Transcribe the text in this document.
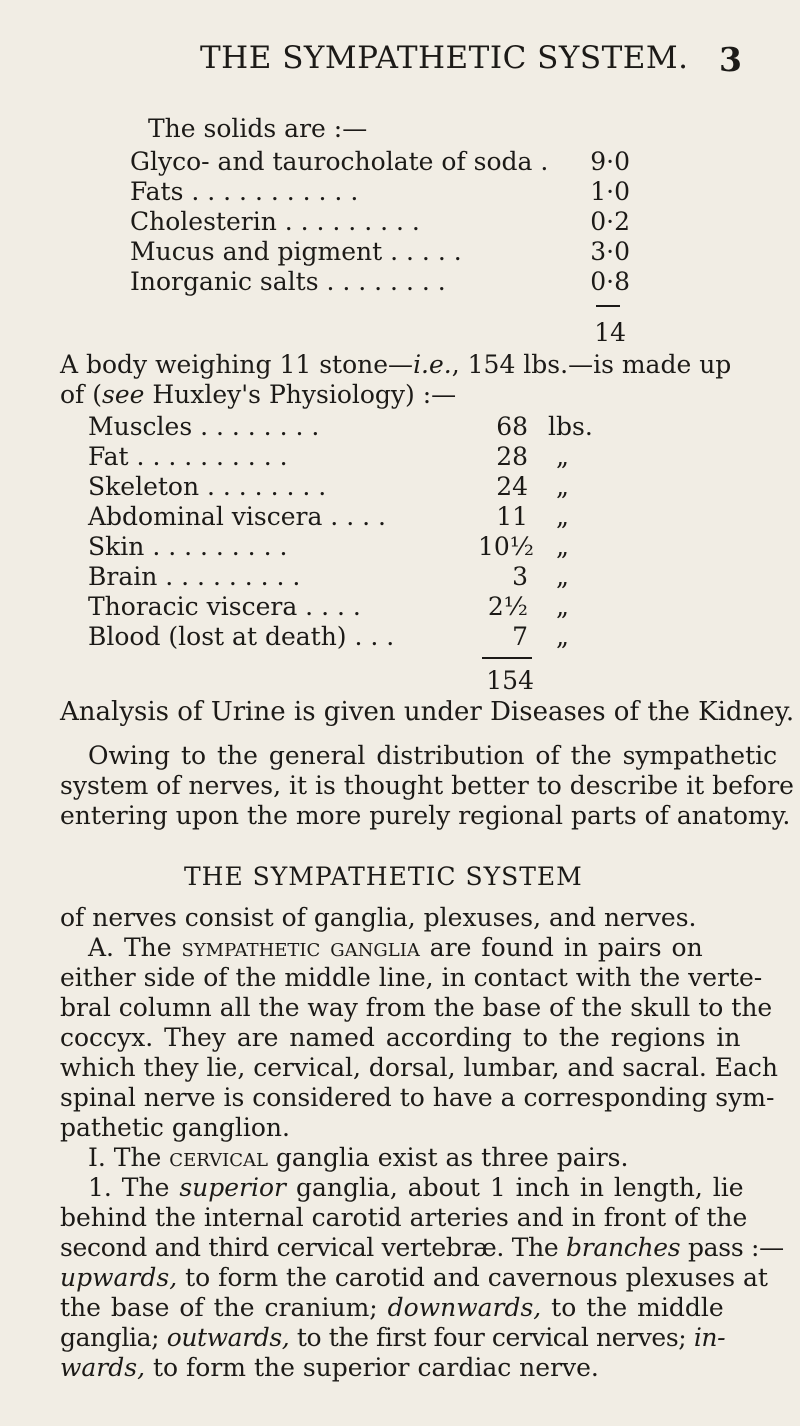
THE SYMPATHETIC SYSTEM. 3
The solids are :—
Glyco- and taurocholate of soda .	9·0
Fats . . . . . . . . . . .	1·0
Cholesterin . . . . . . . . .	0·2
Mucus and pigment . . . . .	3·0
Inorganic salts . . . . . . . .	0·8
14
A body weighing 11 stone—i.e., 154 lbs.—is made up
of (see Huxley's Physiology) :—
Muscles . . . . . . . .	68 lbs.
Fat . . . . . . . . . .	28 „
Skeleton . . . . . . . .	24 „
Abdominal viscera . . . .	11 „
Skin . . . . . . . . .	10½ „
Brain . . . . . . . . .	3 „
Thoracic viscera . . . .	2½ „
Blood (lost at death) . . .	7 „
154
Analysis of Urine is given under Diseases of the Kidney.
Owing to the general distribution of the sympathetic
system of nerves, it is thought better to describe it before
entering upon the more purely regional parts of anatomy.
THE SYMPATHETIC SYSTEM
of nerves consist of ganglia, plexuses, and nerves.
A. The sympathetic ganglia are found in pairs on
either side of the middle line, in contact with the verte-
bral column all the way from the base of the skull to the
coccyx. They are named according to the regions in
which they lie, cervical, dorsal, lumbar, and sacral. Each
spinal nerve is considered to have a corresponding sym-
pathetic ganglion.
I. The cervical ganglia exist as three pairs.
1. The superior ganglia, about 1 inch in length, lie
behind the internal carotid arteries and in front of the
second and third cervical vertebræ. The branches pass :—
upwards, to form the carotid and cavernous plexuses at
the base of the cranium; downwards, to the middle
ganglia; outwards, to the first four cervical nerves; in-
wards, to form the superior cardiac nerve.
